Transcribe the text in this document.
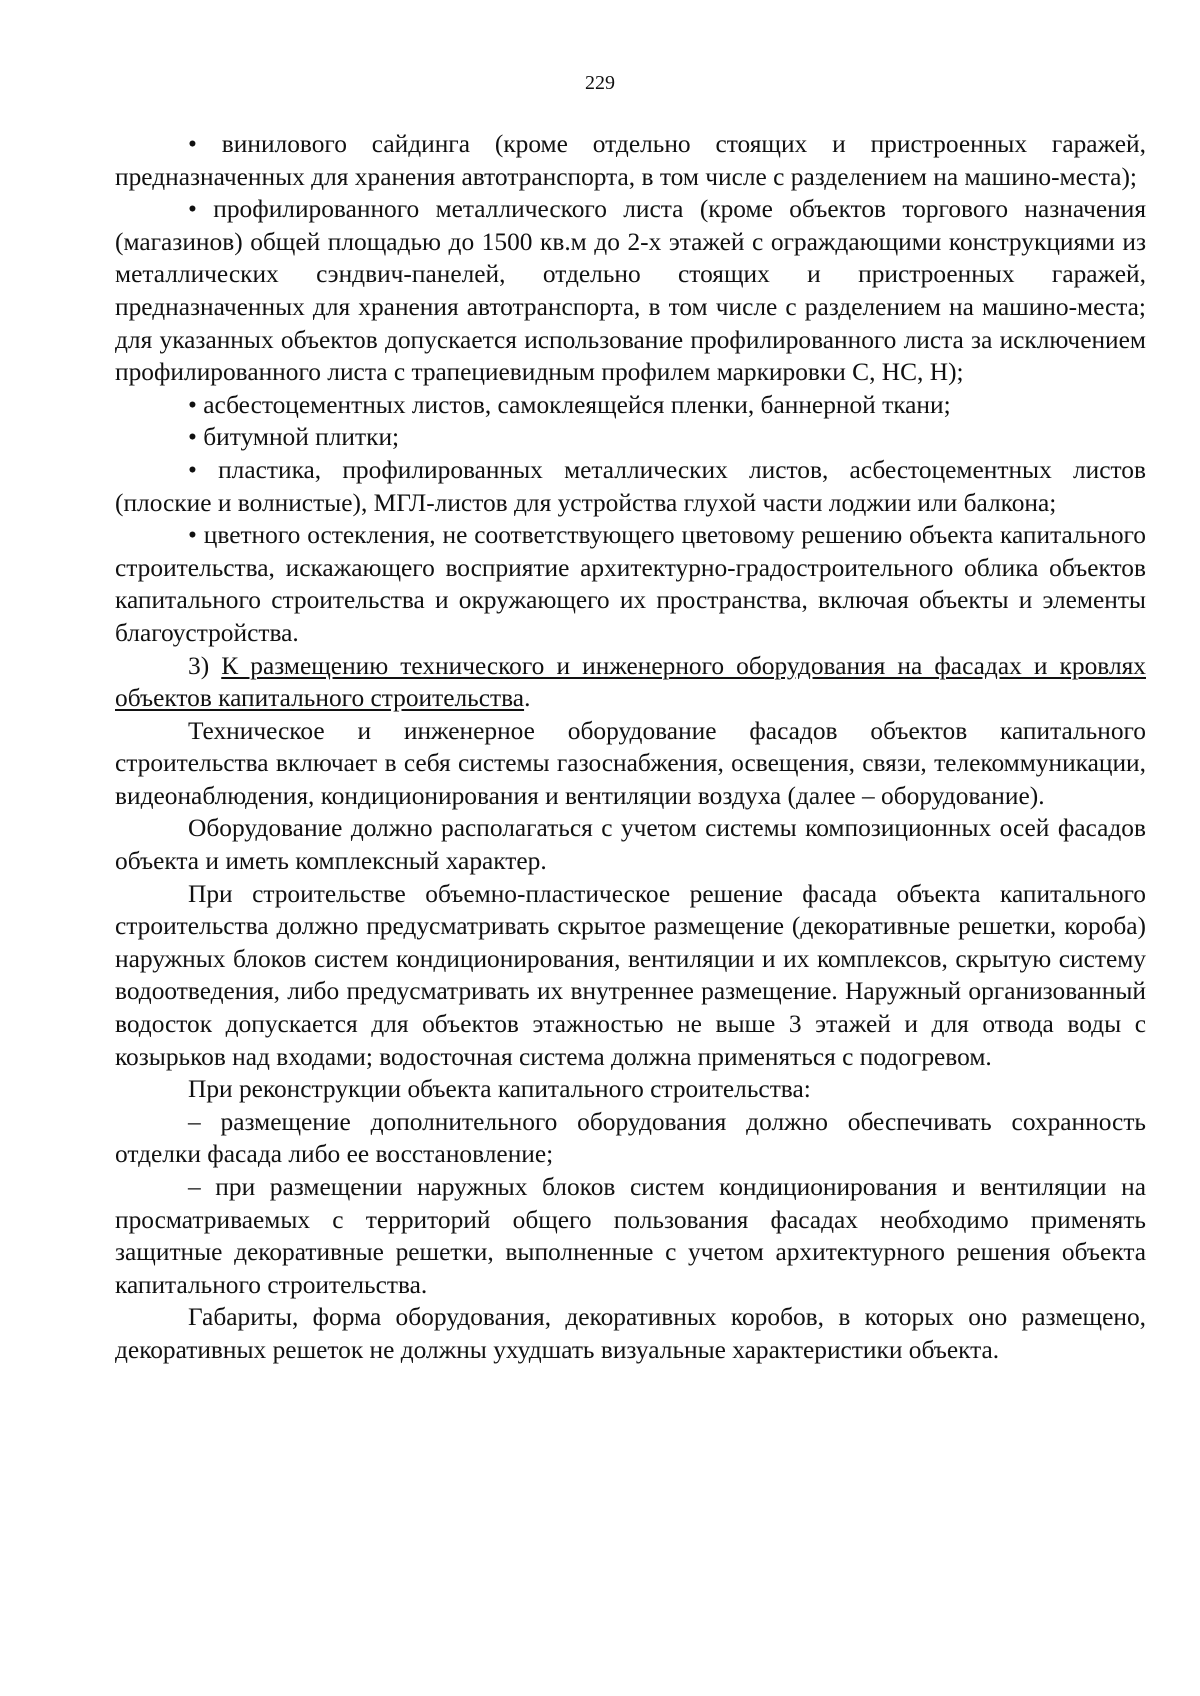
229

• винилового сайдинга (кроме отдельно стоящих и пристроенных гаражей, предназначенных для хранения автотранспорта, в том числе с разделением на машино-места);

• профилированного металлического листа (кроме объектов торгового назначения (магазинов) общей площадью до 1500 кв.м до 2-х этажей с ограждающими конструкциями из металлических сэндвич-панелей, отдельно стоящих и пристроенных гаражей, предназначенных для хранения автотранспорта, в том числе с разделением на машино-места; для указанных объектов допускается использование профилированного листа за исключением профилированного листа с трапециевидным профилем маркировки С, НС, Н);

• асбестоцементных листов, самоклеящейся пленки, баннерной ткани;

• битумной плитки;

• пластика, профилированных металлических листов, асбестоцементных листов (плоские и волнистые), МГЛ-листов для устройства глухой части лоджии или балкона;

• цветного остекления, не соответствующего цветовому решению объекта капитального строительства, искажающего восприятие архитектурно-градостроительного облика объектов капитального строительства и окружающего их пространства, включая объекты и элементы благоустройства.

3) К размещению технического и инженерного оборудования на фасадах и кровлях объектов капитального строительства.

Техническое и инженерное оборудование фасадов объектов капитального строительства включает в себя системы газоснабжения, освещения, связи, телекоммуникации, видеонаблюдения, кондиционирования и вентиляции воздуха (далее – оборудование).

Оборудование должно располагаться с учетом системы композиционных осей фасадов объекта и иметь комплексный характер.

При строительстве объемно-пластическое решение фасада объекта капитального строительства должно предусматривать скрытое размещение (декоративные решетки, короба) наружных блоков систем кондиционирования, вентиляции и их комплексов, скрытую систему водоотведения, либо предусматривать их внутреннее размещение. Наружный организованный водосток допускается для объектов этажностью не выше 3 этажей и для отвода воды с козырьков над входами; водосточная система должна применяться с подогревом.

При реконструкции объекта капитального строительства:

– размещение дополнительного оборудования должно обеспечивать сохранность отделки фасада либо ее восстановление;

– при размещении наружных блоков систем кондиционирования и вентиляции на просматриваемых с территорий общего пользования фасадах необходимо применять защитные декоративные решетки, выполненные с учетом архитектурного решения объекта капитального строительства.

Габариты, форма оборудования, декоративных коробов, в которых оно размещено, декоративных решеток не должны ухудшать визуальные характеристики объекта.
